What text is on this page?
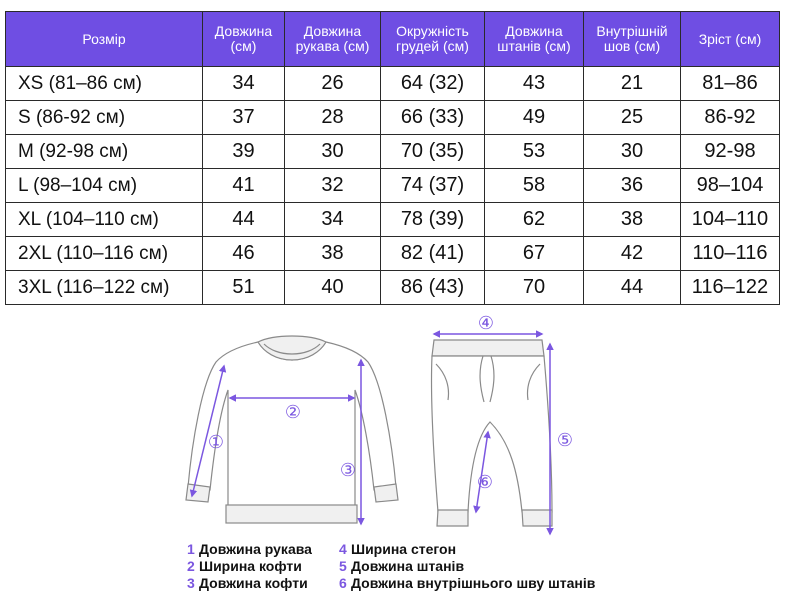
Розмір	Довжина (см)	Довжина рукава (см)	Окружність грудей (см)	Довжина штанів (см)	Внутрішній шов (см)	Зріст (см)
XS (81–86 см)	34	26	64 (32)	43	21	81–86
S (86-92 см)	37	28	66 (33)	49	25	86-92
M (92-98 см)	39	30	70 (35)	53	30	92-98
L (98–104 см)	41	32	74 (37)	58	36	98–104
XL (104–110 см)	44	34	78 (39)	62	38	104–110
2XL (110–116 см)	46	38	82 (41)	67	42	110–116
3XL (116–122 см)	51	40	86 (43)	70	44	116–122
①
②
③
④
⑤
⑥
1 Довжина рукава
2 Ширина кофти
3 Довжина кофти
4 Ширина стегон
5 Довжина штанів
6 Довжина внутрішнього шву штанів
